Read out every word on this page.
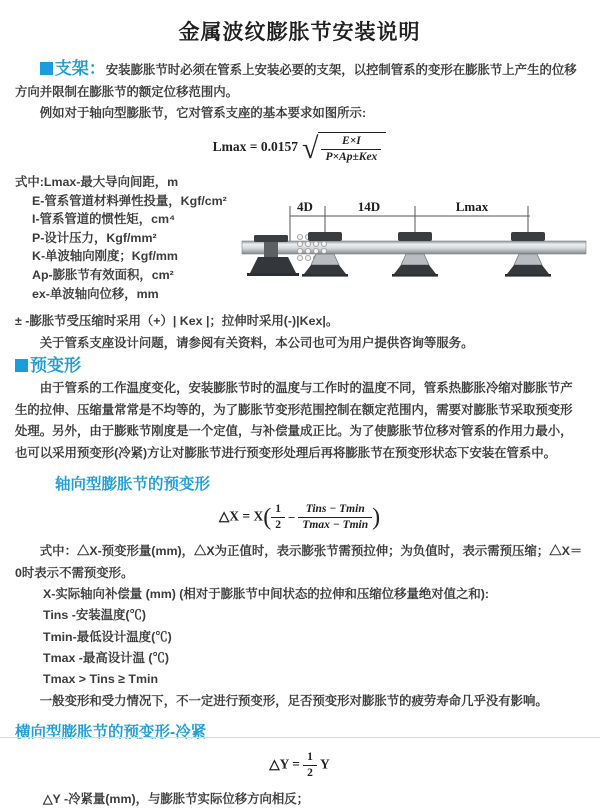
金属波纹膨胀节安装说明

支架：安装膨胀节时必须在管系上安装必要的支架，以控制管系的变形在膨胀节上产生的位移方向并限制在膨胀节的额定位移范围内。

例如对于轴向型膨胀节，它对管系支座的基本要求如图所示:

Lmax = 0.0157 √ $\frac{E\times I}{\text{P×Ap±Kex}}$

式中:Lmax-最大导向间距，m

E-管系管道材料弹性投量，Kgf/cm²

I-管系管道的惯性矩，cm⁴

P-设计压力，Kgf/mm²

K-单波轴向刚度；Kgf/mm

Ap-膨胀节有效面积，cm²

ex-单波轴向位移，mm

4D	14D	Lmax

± -膨胀节受压缩时采用（+）| Kex |；拉伸时采用(-)|Kex|。

关于管系支座设计问题，请参阅有关资料，本公司也可为用户提供咨询等服务。

预变形

由于管系的工作温度变化，安装膨胀节时的温度与工作时的温度不同，管系热膨胀冷缩对膨胀节产生的拉伸、压缩量常常是不均等的，为了膨胀节变形范围控制在额定范围内，需要对膨胀节采取预变形处理。另外，由于膨账节刚度是一个定值，与补偿量成正比。为了使膨胀节位移对管系的作用力最小，也可以采用预变形(冷紧)方让对膨胀节进行预变形处理后再将膨胀节在预变形状态下安装在管系中。

轴向型膨胀节的预变形
△X = $X( \frac{1}{2} - \frac{\text{Tins − Tmin}}{Tmax - Tmin}$ )

式中：△X-预变形量(mm)，△X为正值时，表示膨张节需预拉伸；为负值时，表示需预压缩；△X＝0时表示不需预变形。

X-实际轴向补偿量 (mm) (相对于膨胀节中间状态的拉伸和压缩位移量绝对值之和):

Tins -安装温度(℃)

Tmin-最低设计温度(℃)

Tmax -最高设计温 (℃)

Tmax > Tins ≥ Tmin

一般变形和受力情况下，不一定进行预变形，足否预变形对膨胀节的疲劳寿命几乎没有影响。

横向型膨胀节的预变形-冷紧
△Y = $\frac{1}{2}$ Y

△Y -冷紧量(mm)，与膨胀节实际位移方向相反；
